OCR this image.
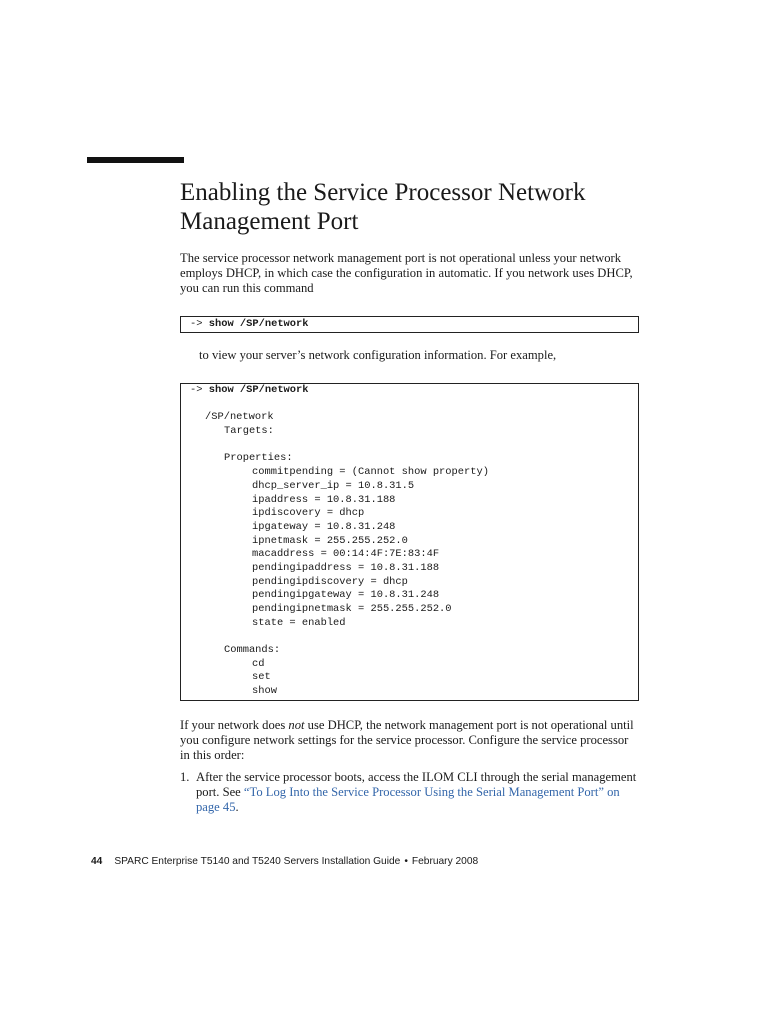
Enabling the Service Processor Network Management Port

The service processor network management port is not operational unless your network employs DHCP, in which case the configuration in automatic. If you network uses DHCP, you can run this command

-> show /SP/network

to view your server’s network configuration information. For example,

-> show /SP/network
/SP/network
Targets:
Properties:
commitpending = (Cannot show property)
dhcp_server_ip = 10.8.31.5
ipaddress = 10.8.31.188
ipdiscovery = dhcp
ipgateway = 10.8.31.248
ipnetmask = 255.255.252.0
macaddress = 00:14:4F:7E:83:4F
pendingipaddress = 10.8.31.188
pendingipdiscovery = dhcp
pendingipgateway = 10.8.31.248
pendingipnetmask = 255.255.252.0
state = enabled
Commands:
cd
set
show

If your network does not use DHCP, the network management port is not operational until you configure network settings for the service processor. Configure the service processor in this order:

1. After the service processor boots, access the ILOM CLI through the serial management port. See “To Log Into the Service Processor Using the Serial Management Port” on page 45.
44 SPARC Enterprise T5140 and T5240 Servers Installation Guide • February 2008
